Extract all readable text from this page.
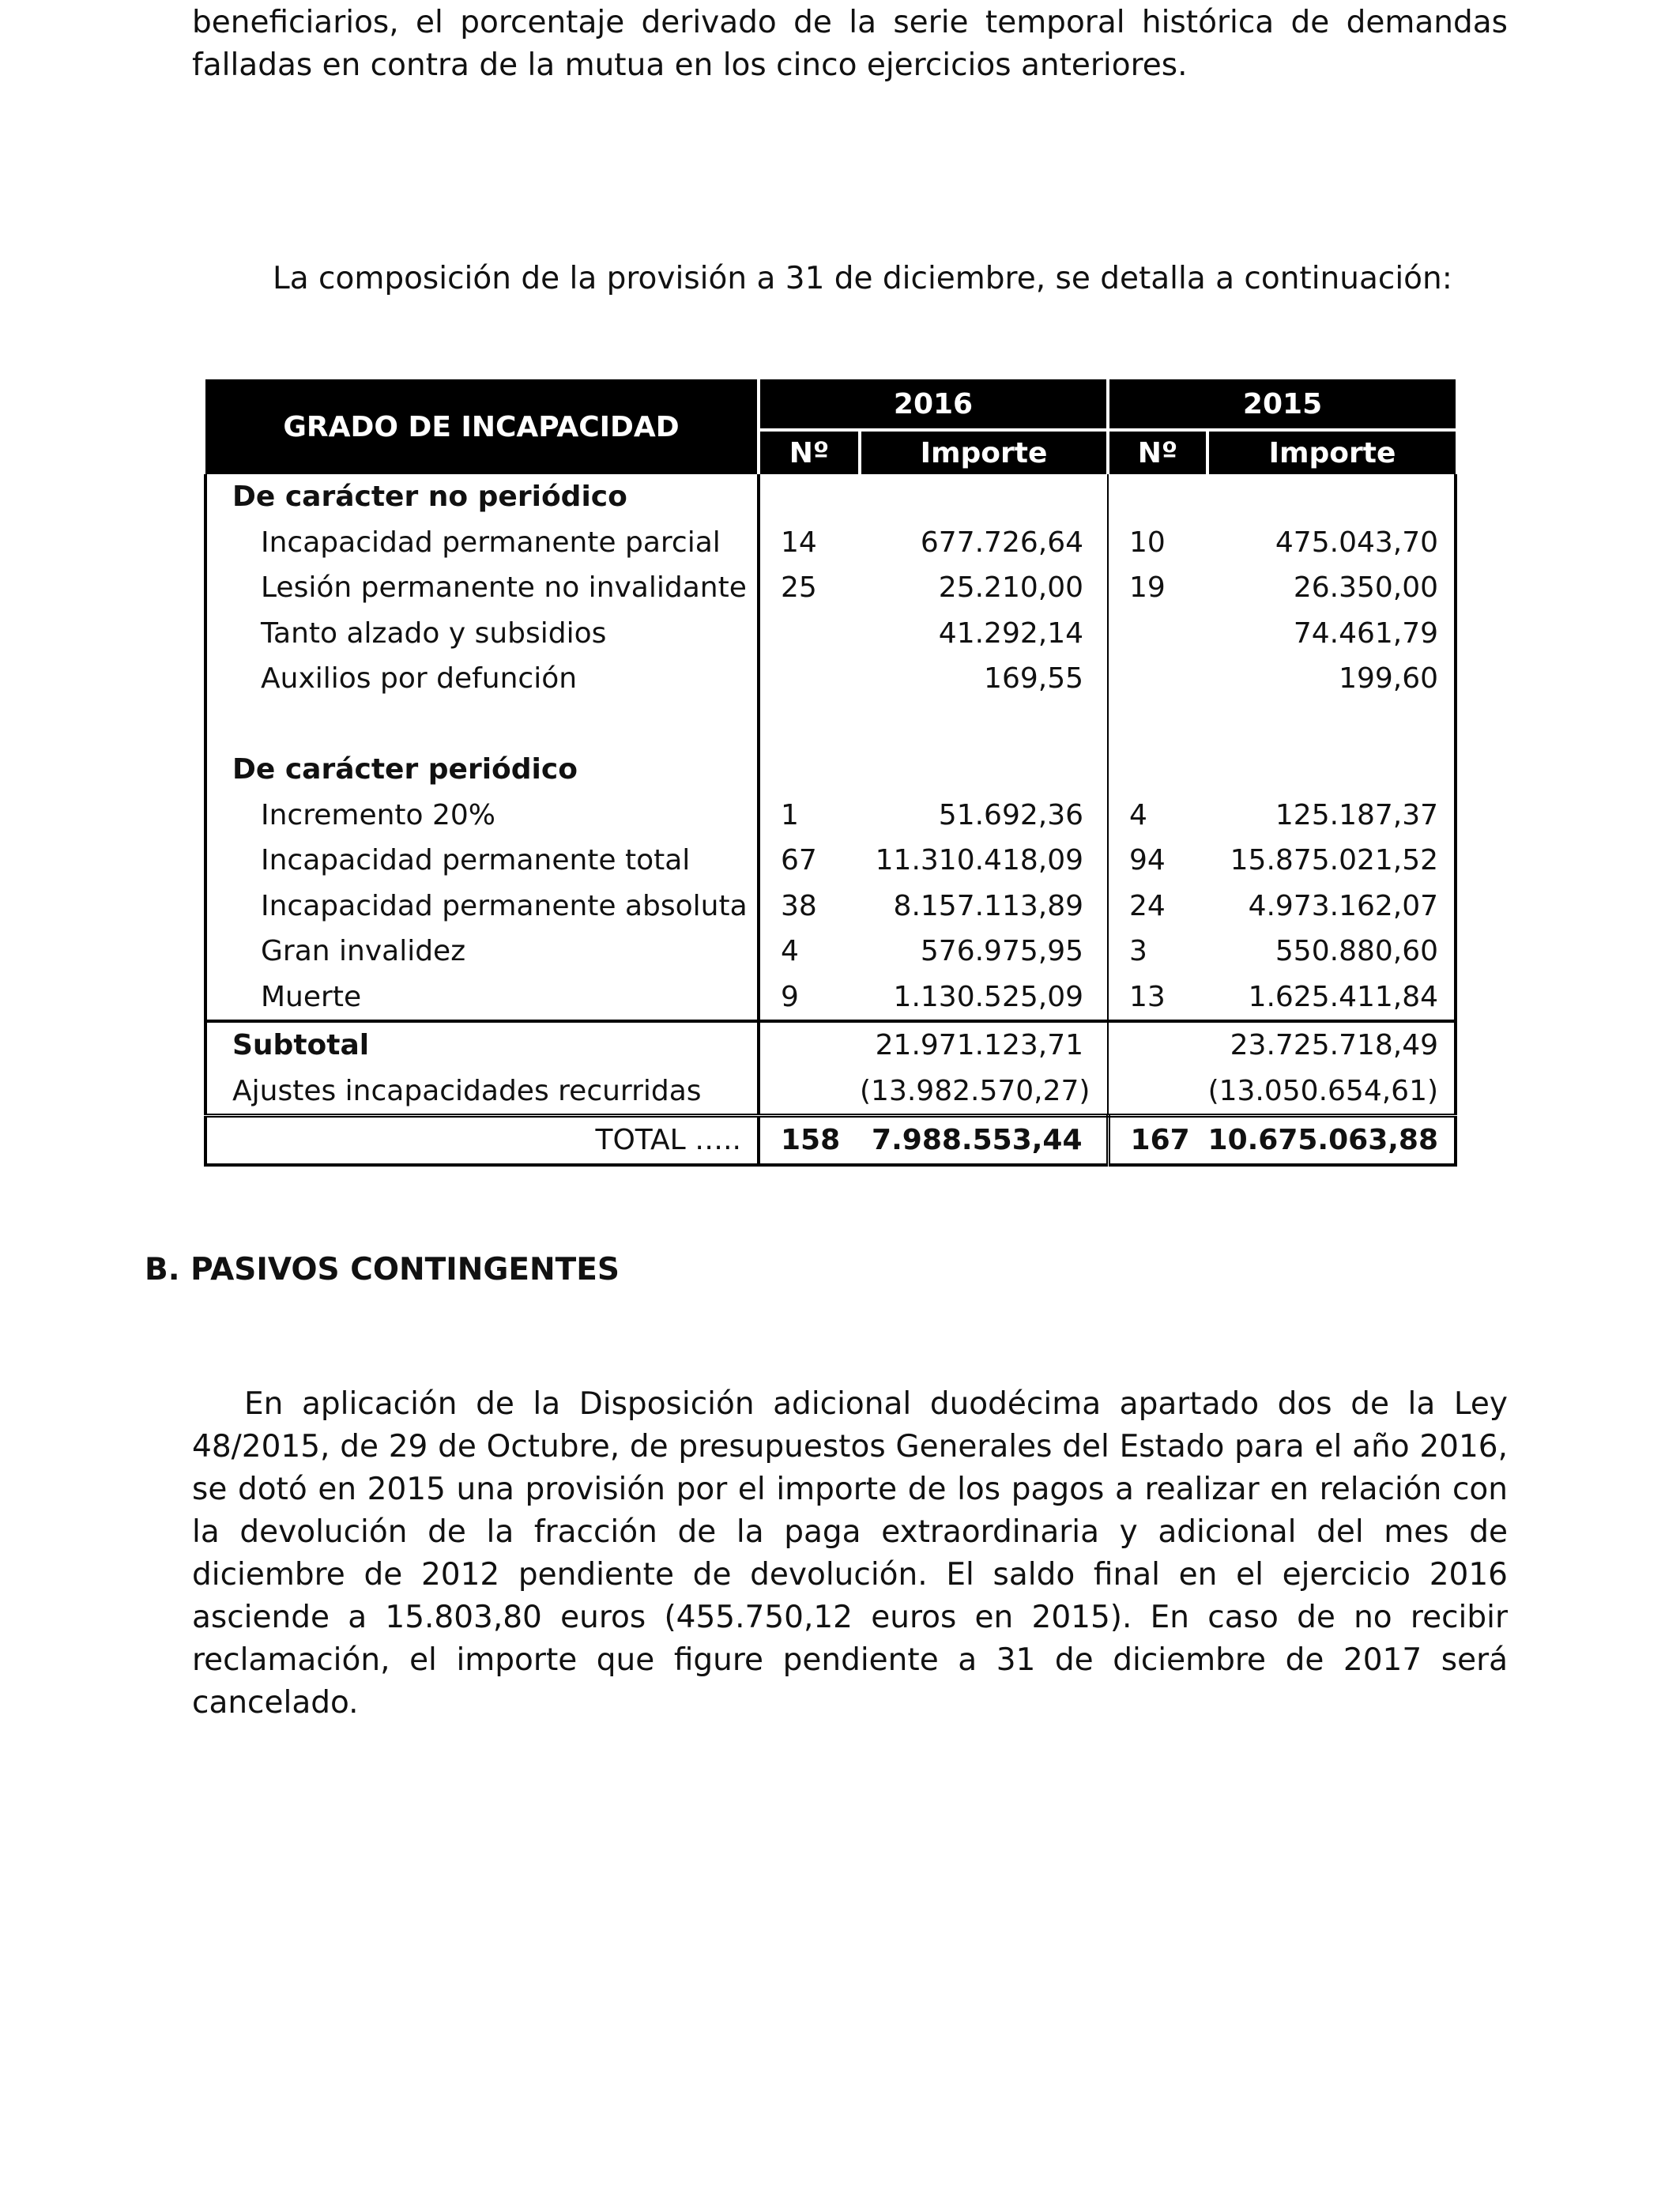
beneficiarios, el porcentaje derivado de la serie temporal histórica de demandas falladas en contra de la mutua en los cinco ejercicios anteriores.
La composición de la provisión a 31 de diciembre, se detalla a continuación:
GRADO DE INCAPACIDAD	2016		2015	
	Nº	Importe	Nº	Importe
De carácter no periódico				
Incapacidad permanente parcial	14	677.726,64	10	475.043,70
Lesión permanente no invalidante	25	25.210,00	19	26.350,00
Tanto alzado y subsidios		41.292,14		74.461,79
Auxilios por defunción		169,55		199,60

De carácter periódico				
Incremento 20%	1	51.692,36	4	125.187,37
Incapacidad permanente total	67	11.310.418,09	94	15.875.021,52
Incapacidad permanente absoluta	38	8.157.113,89	24	4.973.162,07
Gran invalidez	4	576.975,95	3	550.880,60
Muerte	9	1.130.525,09	13	1.625.411,84
Subtotal		21.971.123,71		23.725.718,49
Ajustes incapacidades recurridas		(13.982.570,27)		(13.050.654,61)
TOTAL …..	158	7.988.553,44	167	10.675.063,88
B. PASIVOS CONTINGENTES
En aplicación de la Disposición adicional duodécima apartado dos de la Ley 48/2015, de 29 de Octubre, de presupuestos Generales del Estado para el año 2016, se dotó en 2015 una provisión por el importe de los pagos a realizar en relación con la devolución de la fracción de la paga extraordinaria y adicional del mes de diciembre de 2012 pendiente de devolución. El saldo final en el ejercicio 2016 asciende a 15.803,80 euros (455.750,12 euros en 2015). En caso de no recibir reclamación, el importe que figure pendiente a 31 de diciembre de 2017 será cancelado.
